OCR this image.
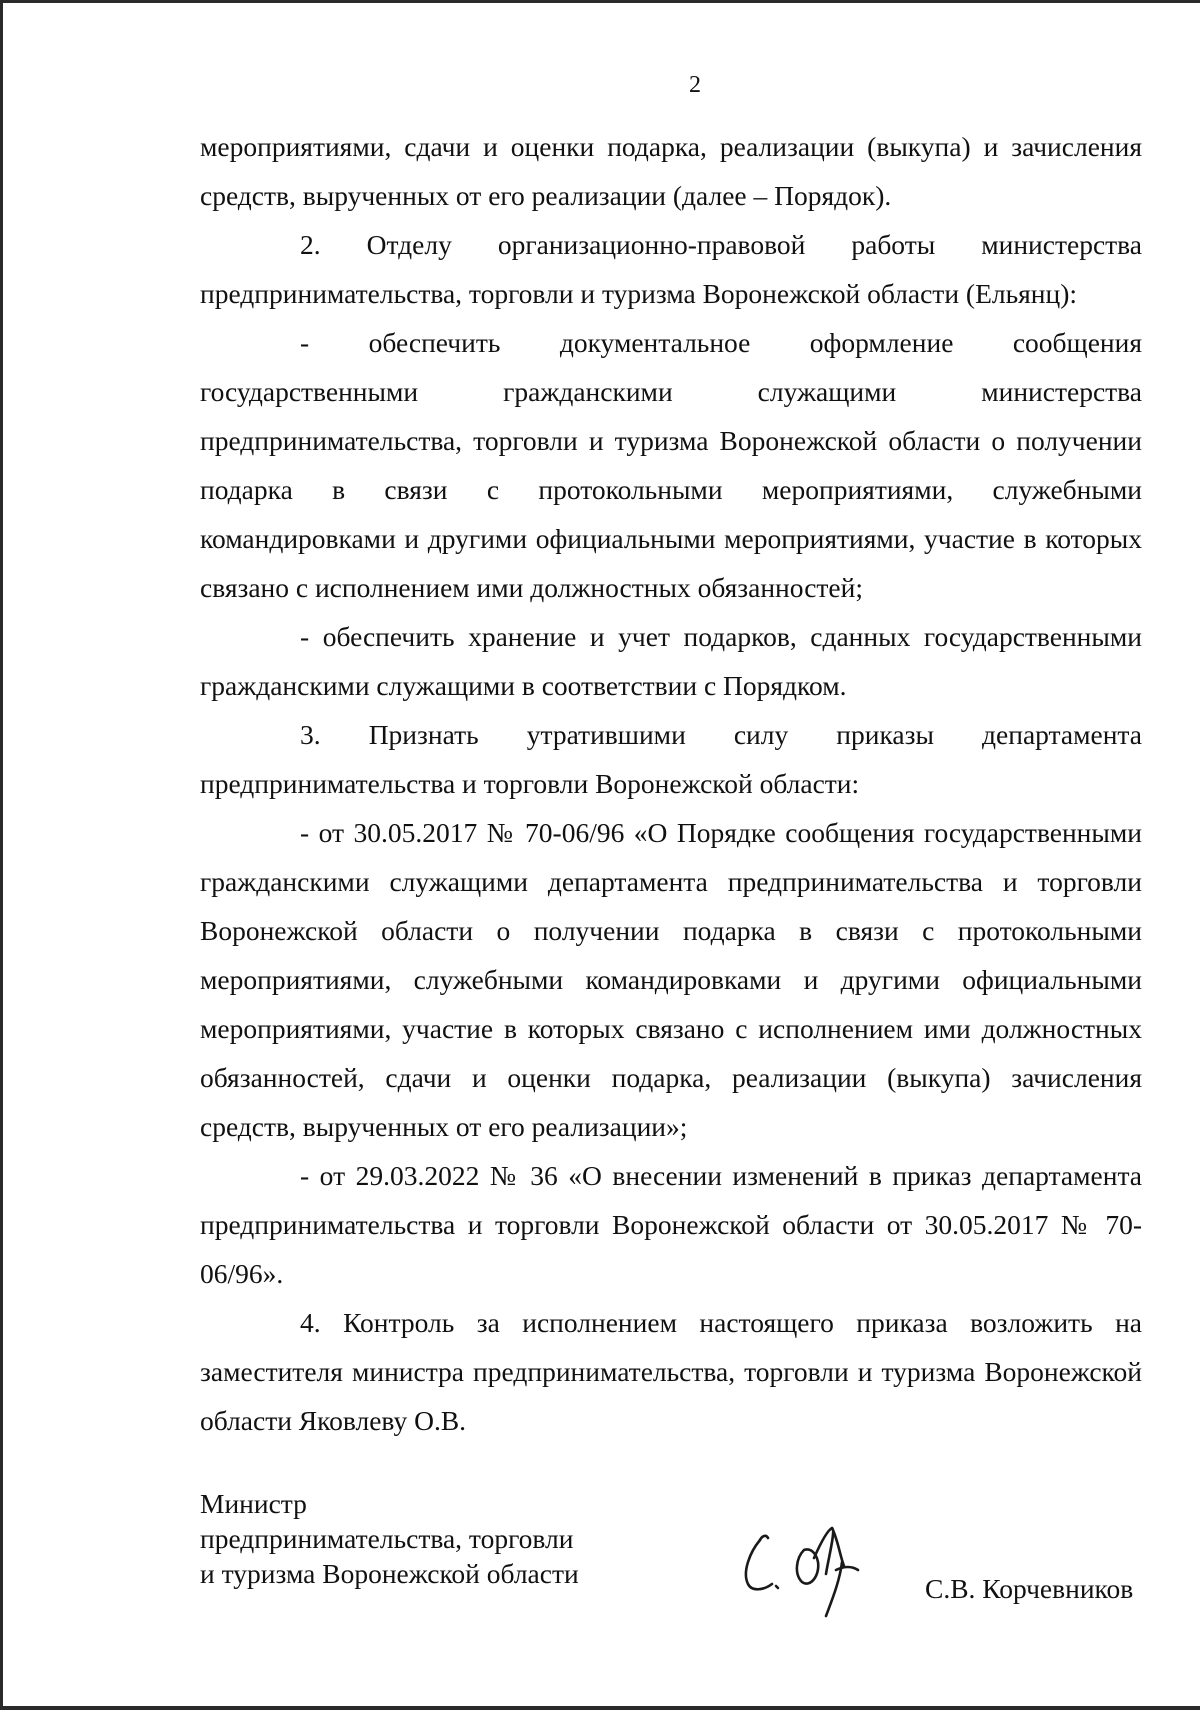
2

мероприятиями, сдачи и оценки подарка, реализации (выкупа) и зачисления средств, вырученных от его реализации (далее – Порядок).

2. Отделу организационно-правовой работы министерства предпринимательства, торговли и туризма Воронежской области (Ельянц):

- обеспечить документальное оформление сообщения государственными гражданскими служащими министерства предпринимательства, торговли и туризма Воронежской области о получении подарка в связи с протокольными мероприятиями, служебными командировками и другими официальными мероприятиями, участие в которых связано с исполнением ими должностных обязанностей;

- обеспечить хранение и учет подарков, сданных государственными гражданскими служащими в соответствии с Порядком.

3. Признать утратившими силу приказы департамента предпринимательства и торговли Воронежской области:

- от 30.05.2017 № 70-06/96 «О Порядке сообщения государственными гражданскими служащими департамента предпринимательства и торговли Воронежской области о получении подарка в связи с протокольными мероприятиями, служебными командировками и другими официальными мероприятиями, участие в которых связано с исполнением ими должностных обязанностей, сдачи и оценки подарка, реализации (выкупа) зачисления средств, вырученных от его реализации»;

- от 29.03.2022 № 36 «О внесении изменений в приказ департамента предпринимательства и торговли Воронежской области от 30.05.2017 № 70-06/96».

4. Контроль за исполнением настоящего приказа возложить на заместителя министра предпринимательства, торговли и туризма Воронежской области Яковлеву О.В.

Министр
предпринимательства, торговли
и туризма Воронежской области	С.В. Корчевников
